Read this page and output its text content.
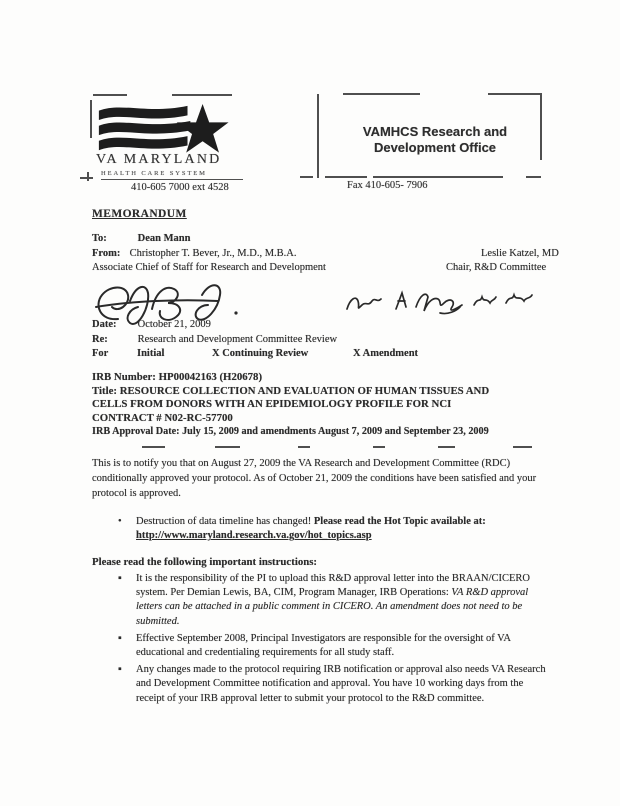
VA MARYLAND
HEALTH CARE SYSTEM
410-605 7000 ext 4528
VAMHCS Research and
Development Office
Fax 410-605- 7906
MEMORANDUM
To:	Dean Mann
From: Christopher T. Bever, Jr., M.D., M.B.A.	Leslie Katzel, MD
Associate Chief of Staff for Research and Development	Chair, R&D Committee
Date: October 21, 2009
Re:	Research and Development Committee Review
For	Initial	X Continuing Review	X Amendment
IRB Number: HP00042163 (H20678)
Title: RESOURCE COLLECTION AND EVALUATION OF HUMAN TISSUES AND
CELLS FROM DONORS WITH AN EPIDEMIOLOGY PROFILE FOR NCI
CONTRACT # N02-RC-57700
IRB Approval Date: July 15, 2009 and amendments August 7, 2009 and September 23, 2009
This is to notify you that on August 27, 2009 the VA Research and Development Committee (RDC) conditionally approved your protocol. As of October 21, 2009 the conditions have been satisfied and your protocol is approved.
•	Destruction of data timeline has changed! Please read the Hot Topic available at: http://www.maryland.research.va.gov/hot_topics.asp
Please read the following important instructions:
▪	It is the responsibility of the PI to upload this R&D approval letter into the BRAAN/CICERO system. Per Demian Lewis, BA, CIM, Program Manager, IRB Operations: VA R&D approval letters can be attached in a public comment in CICERO. An amendment does not need to be submitted.
▪	Effective September 2008, Principal Investigators are responsible for the oversight of VA educational and credentialing requirements for all study staff.
▪	Any changes made to the protocol requiring IRB notification or approval also needs VA Research and Development Committee notification and approval. You have 10 working days from the receipt of your IRB approval letter to submit your protocol to the R&D committee.
